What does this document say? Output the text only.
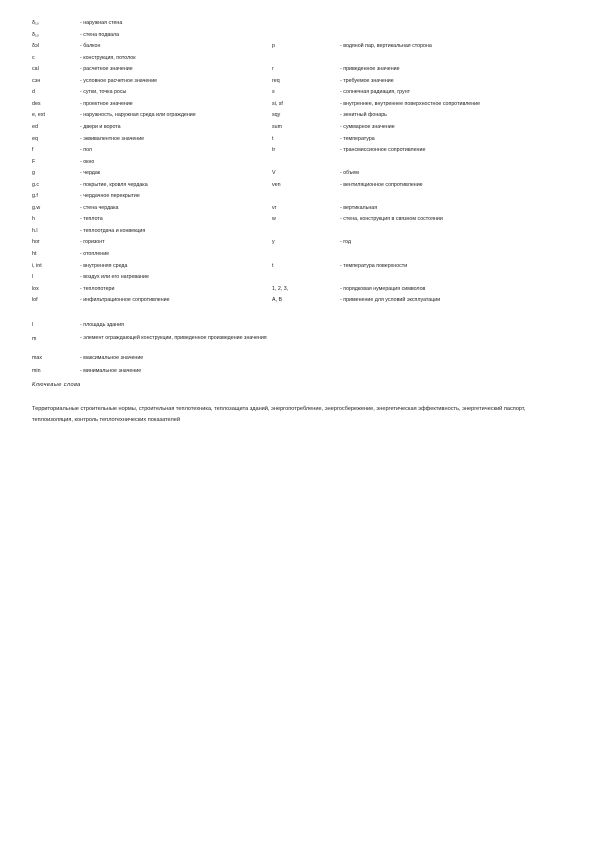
δ₁₀	- наружная стена
δ₁ₒ	- стена подвала
δэl	- балкон	p	- водяной пар, вертикальная сторона
c	- конструкция, потолок
cal	- расчетное значение	r	- приведенное значение
cэн	- условное расчетное значение	req	- требуемое значение
d	- сутки, точка росы	s	- солнечная радиация, грунт
des	- проектное значение	si, sf	- внутреннее, внутреннее поверхностное сопротивление
e, ext	- наружность, наружная среда или ограждение	sqy	- зенитный фонарь
ed	- двери и ворота	sum	- суммарное значение
eq	- эквивалентное значение	t	- температура
f	- пол	tr	- трансмиссионное сопротивление
F	- окно
g	- чердак	V	- объем
g.c	- покрытие, кровля чердака	ven	- вентиляционное сопротивление
g.f	- чердачное перекрытие
g.w	- стена чердака	vr	- вертикальная
h	- теплота	w	- стена, конструкция в связном состоянии
h.l	- теплоотдача и конвекция
hor	- горизонт	y	- год
ht	- отопление
i, int	- внутренняя среда	t	- температура поверхности
l	- воздух или его нагревание
lox	- теплопотери	1, 2, 3,	- порядковая нумерация символов
lof	- инфильтрационное сопротивление	A, B	- применение для условий эксплуатации
l	- площадь здания
m	- элемент ограждающей конструкции, приведенное произведение значения
max	- максимальное значение
min	- минимальное значение
Ключевые слова
Территориальные строительные нормы, строительная теплотехника, теплозащита зданий, энергопотребление, энергосбережение, энергетическая эффективность, энергетический паспорт, теплоизоляция, контроль теплотехнических показателей
